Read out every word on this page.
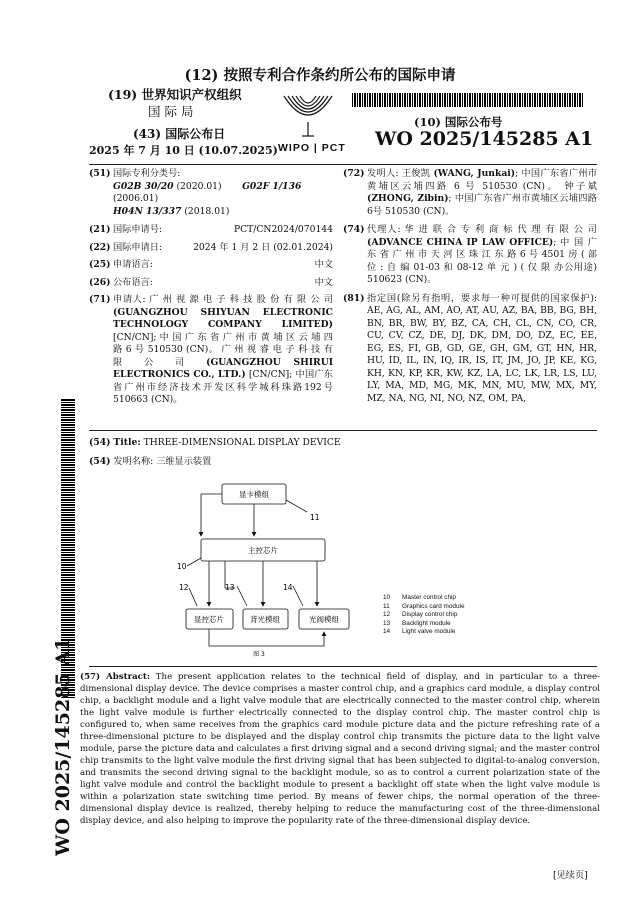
(12) 按照专利合作条约所公布的国际申请
(19) 世界知识产权组织
国 际 局
(43) 国际公布日
2025 年 7 月 10 日 (10.07.2025) WIPO | PCT
(10) 国际公布号
WO 2025/145285 A1
(51) 国际专利分类号:
G02B 30/20 (2020.01) G02F 1/136 (2006.01)
H04N 13/337 (2018.01)
(21) 国际申请号:	PCT/CN2024/070144
(22) 国际申请日:	2024 年 1 月 2 日 (02.01.2024)
(25) 申请语言:	中文
(26) 公布语言:	中文
(71) 申请人: 广 州 视 源 电 子 科 技 股 份 有 限 公 司 (GUANGZHOU SHIYUAN ELECTRONIC TECHNOLOGY COMPANY LIMITED) [CN/CN]; 中 国 广 东 省 广 州 市 黄 埔 区 云 埔 四 路 6 号 510530 (CN)。 广 州 视 睿 电 子 科 技 有 限 公 司 (GUANGZHOU SHIRUI ELECTRONICS CO., LTD.) [CN/CN]; 中国广东省广州市经济技术开发区科学城科珠路192号 510663 (CN)。
(72) 发明人: 王俊凯 (WANG, Junkai); 中国广东省广州市黄埔区云埔四路 6 号 510530 (CN)。 钟子斌 (ZHONG, Zibin); 中国广东省广州市黄埔区云埔四路6号 510530 (CN)。
(74) 代理人: 华 进 联 合 专 利 商 标 代 理 有 限 公 司 (ADVANCE CHINA IP LAW OFFICE); 中 国 广 东 省 广 州 市 天 河 区 珠 江 东 路 6 号 4501 房 ( 部 位 : 自 编 01-03 和 08-12 单 元 ) ( 仅 限 办公用途) 510623 (CN)。
(81) 指定国(除另有指明，要求每一种可提供的国家保护): AE, AG, AL, AM, AO, AT, AU, AZ, BA, BB, BG, BH, BN, BR, BW, BY, BZ, CA, CH, CL, CN, CO, CR, CU, CV, CZ, DE, DJ, DK, DM, DO, DZ, EC, EE, EG, ES, FI, GB, GD, GE, GH, GM, GT, HN, HR, HU, ID, IL, IN, IQ, IR, IS, IT, JM, JO, JP, KE, KG, KH, KN, KP, KR, KW, KZ, LA, LC, LK, LR, LS, LU, LY, MA, MD, MG, MK, MN, MU, MW, MX, MY, MZ, NA, NG, NI, NO, NZ, OM, PA,
(54) Title: THREE-DIMENSIONAL DISPLAY DEVICE
(54) 发明名称: 三维显示装置
显卡模组
主控芯片
显控芯片	背光模组	光阀模组
11
10
12	13	14
图 3
10 Master control chip
11 Graphics card module
12 Display control chip
13 Backlight module
14 Light valve module
(57) Abstract: The present application relates to the technical field of display, and in particular to a three-dimensional display device. The device comprises a master control chip, and a graphics card module, a display control chip, a backlight module and a light valve module that are electrically connected to the master control chip, wherein the light valve module is further electrically connected to the display control chip. The master control chip is configured to, when same receives from the graphics card module picture data and the picture refreshing rate of a three-dimensional picture to be displayed and the display control chip transmits the picture data to the light valve module, parse the picture data and calculates a first driving signal and a second driving signal; and the master control chip transmits to the light valve module the first driving signal that has been subjected to digital-to-analog conversion, and transmits the second driving signal to the backlight module, so as to control a current polarization state of the light valve module and control the backlight module to present a backlight off state when the light valve module is within a polarization state switching time period. By means of fewer chips, the normal operation of the three-dimensional display device is realized, thereby helping to reduce the manufacturing cost of the three-dimensional display device, and also helping to improve the popularity rate of the three-dimensional display device.
WO 2025/145285 A1
[见续页]
